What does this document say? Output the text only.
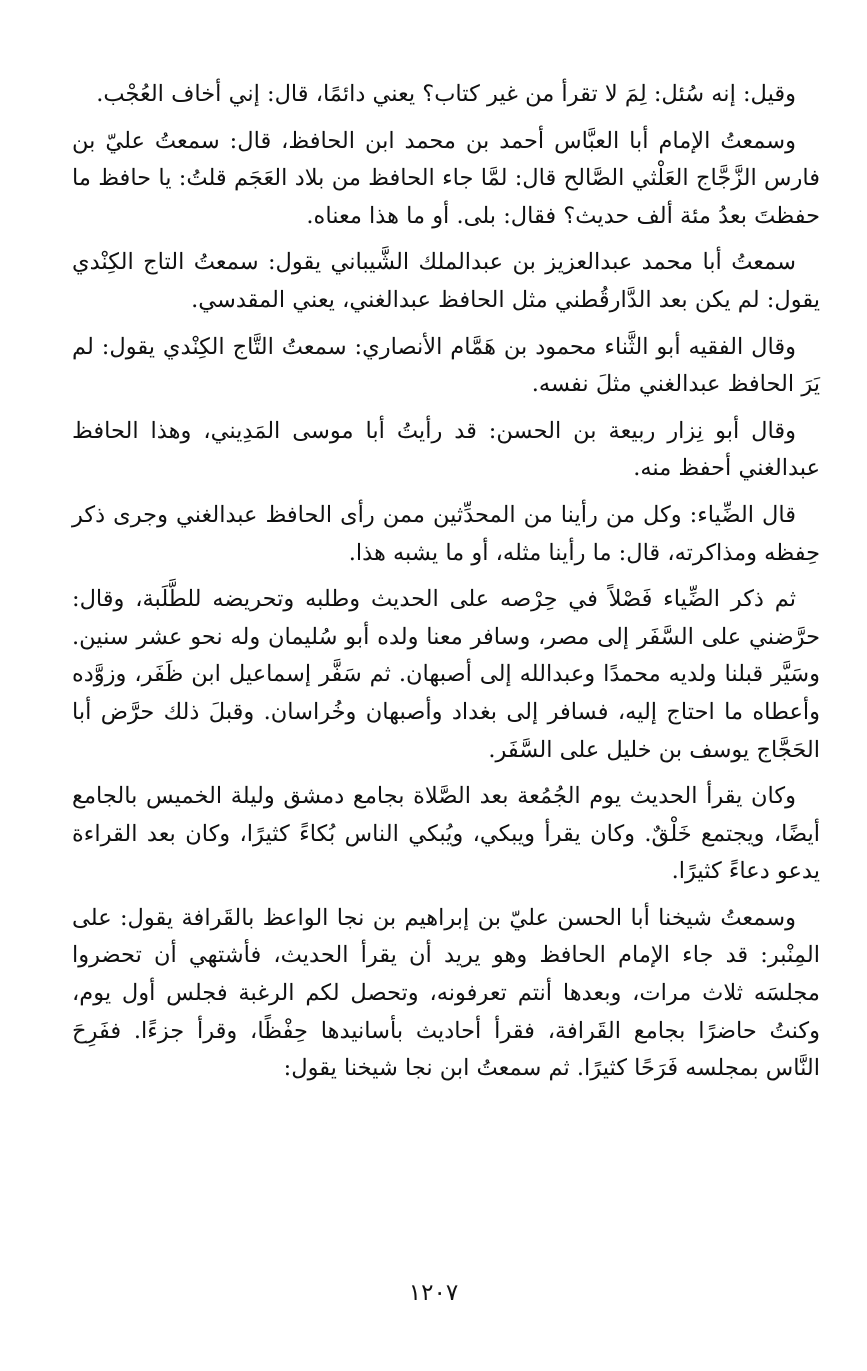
وقيل: إنه سُئل: لِمَ لا تقرأ من غير كتاب؟ يعني دائمًا، قال: إني أخاف العُجْب.

وسمعتُ الإمام أبا العبَّاس أحمد بن محمد ابن الحافظ، قال: سمعتُ عليّ بن فارس الزَّجَّاج العَلْثي الصَّالح قال: لمَّا جاء الحافظ من بلاد العَجَم قلتُ: يا حافظ ما حفظتَ بعدُ مئة ألف حديث؟ فقال: بلى. أو ما هذا معناه.

سمعتُ أبا محمد عبدالعزيز بن عبدالملك الشَّيباني يقول: سمعتُ التاج الكِنْدي يقول: لم يكن بعد الدَّارقُطني مثل الحافظ عبدالغني، يعني المقدسي.

وقال الفقيه أبو الثَّناء محمود بن هَمَّام الأنصاري: سمعتُ التَّاج الكِنْدي يقول: لم يَرَ الحافظ عبدالغني مثلَ نفسه.

وقال أبو نِزار ربيعة بن الحسن: قد رأيتُ أبا موسى المَدِيني، وهذا الحافظ عبدالغني أحفظ منه.

قال الضِّياء: وكل من رأينا من المحدِّثين ممن رأى الحافظ عبدالغني وجرى ذكر حِفظه ومذاكرته، قال: ما رأينا مثله، أو ما يشبه هذا.

ثم ذكر الضِّياء فَصْلاً في حِرْصه على الحديث وطلبه وتحريضه للطَّلَبة، وقال: حرَّضني على السَّفَر إلى مصر، وسافر معنا ولده أبو سُليمان وله نحو عشر سنين. وسَيَّر قبلنا ولديه محمدًا وعبدالله إلى أصبهان. ثم سَفَّر إسماعيل ابن ظَفَر، وزوَّده وأعطاه ما احتاج إليه، فسافر إلى بغداد وأصبهان وخُراسان. وقبلَ ذلك حرَّض أبا الحَجَّاج يوسف بن خليل على السَّفَر.

وكان يقرأ الحديث يوم الجُمُعة بعد الصَّلاة بجامع دمشق وليلة الخميس بالجامع أيضًا، ويجتمع خَلْقٌ. وكان يقرأ ويبكي، ويُبكي الناس بُكاءً كثيرًا، وكان بعد القراءة يدعو دعاءً كثيرًا.

وسمعتُ شيخنا أبا الحسن عليّ بن إبراهيم بن نجا الواعظ بالقَرافة يقول: على المِنْبر: قد جاء الإمام الحافظ وهو يريد أن يقرأ الحديث، فأشتهي أن تحضروا مجلسَه ثلاث مرات، وبعدها أنتم تعرفونه، وتحصل لكم الرغبة فجلس أول يوم، وكنتُ حاضرًا بجامع القَرافة، فقرأ أحاديث بأسانيدها حِفْظًا، وقرأ جزءًا. ففَرِحَ النَّاس بمجلسه فَرَحًا كثيرًا. ثم سمعتُ ابن نجا شيخنا يقول:

١٢٠٧
